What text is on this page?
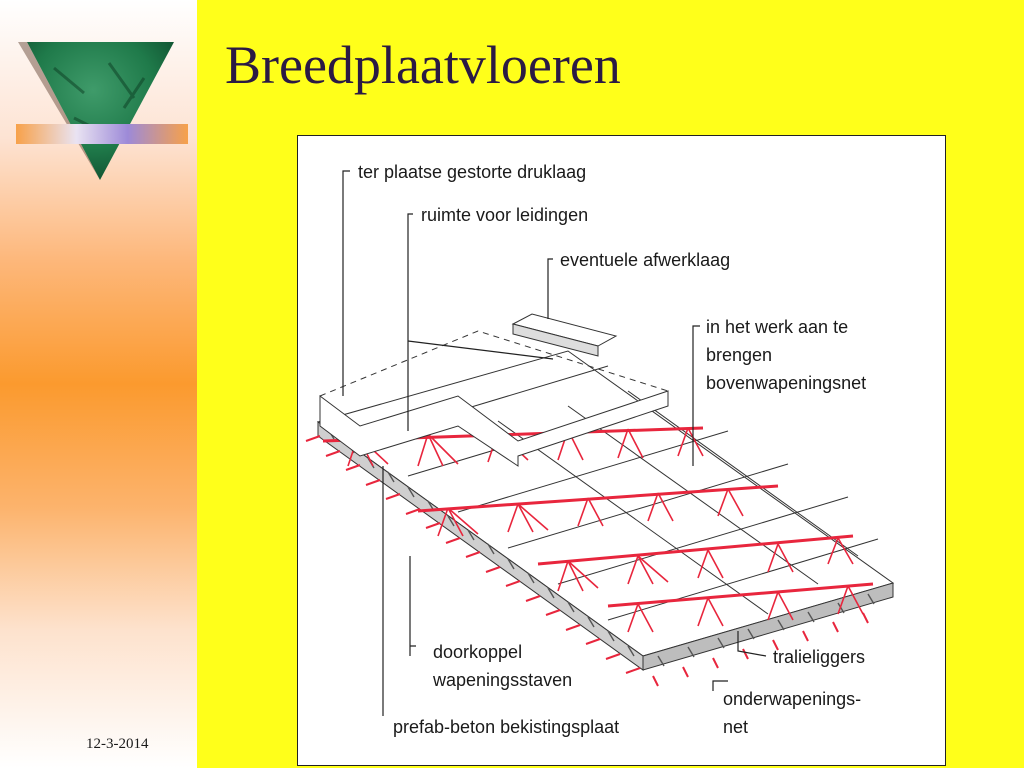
Breedplaatvloeren
12-3-2014
ter plaatse gestorte druklaag
ruimte voor leidingen
eventuele afwerklaag
in het werk aan te
brengen
bovenwapeningsnet
doorkoppel
wapeningsstaven
tralieliggers
onderwapenings-
net
prefab-beton bekistingsplaat
